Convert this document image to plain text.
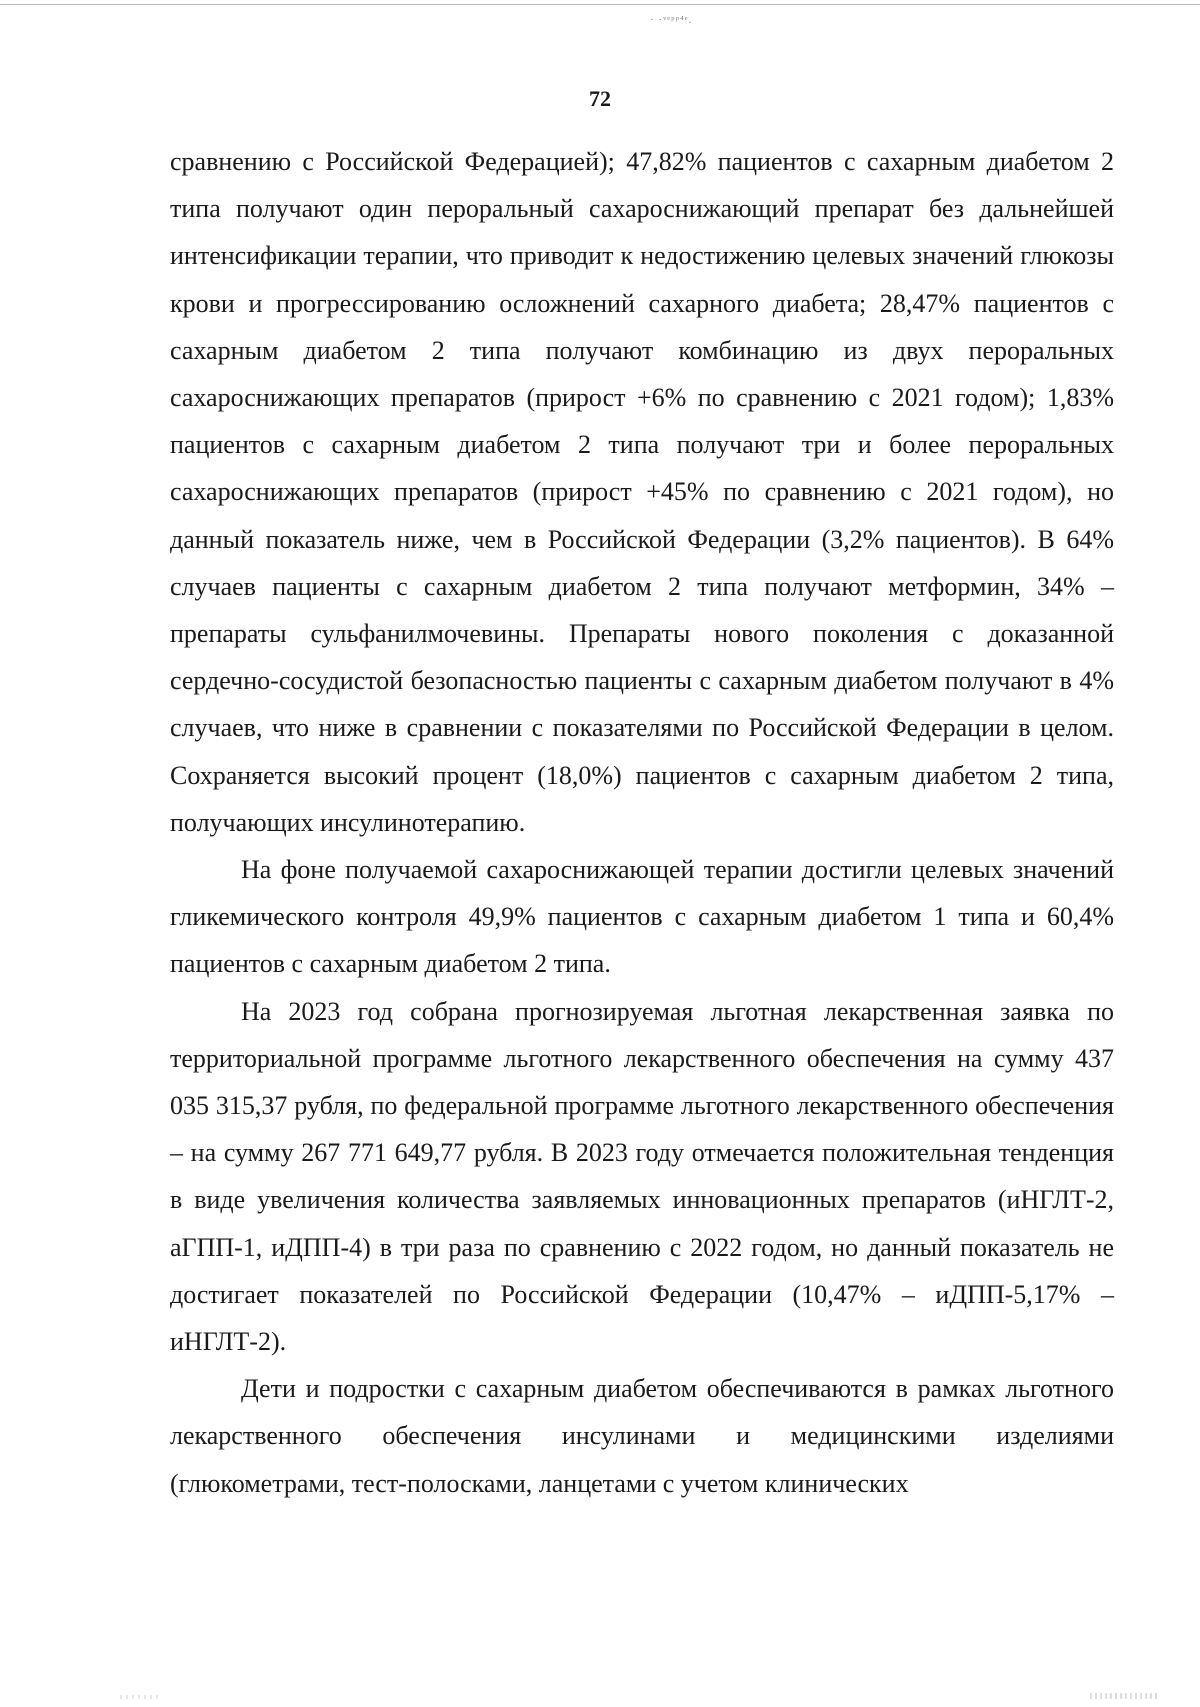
· ·ᵛᵉᵖᵖ⁴ᵉ.
72

сравнению с Российской Федерацией); 47,82% пациентов с сахарным диабетом 2 типа получают один пероральный сахароснижающий препарат без дальнейшей интенсификации терапии, что приводит к недостижению целевых значений глюкозы крови и прогрессированию осложнений сахарного диабета; 28,47% пациентов с сахарным диабетом 2 типа получают комбинацию из двух пероральных сахароснижающих препаратов (прирост +6% по сравнению с 2021 годом); 1,83% пациентов с сахарным диабетом 2 типа получают три и более пероральных сахароснижающих препаратов (прирост +45% по сравнению с 2021 годом), но данный показатель ниже, чем в Российской Федерации (3,2% пациентов). В 64% случаев пациенты с сахарным диабетом 2 типа получают метформин, 34% – препараты сульфанилмочевины. Препараты нового поколения с доказанной сердечно-сосудистой безопасностью пациенты с сахарным диабетом получают в 4% случаев, что ниже в сравнении с показателями по Российской Федерации в целом. Сохраняется высокий процент (18,0%) пациентов с сахарным диабетом 2 типа, получающих инсулинотерапию.

На фоне получаемой сахароснижающей терапии достигли целевых значений гликемического контроля 49,9% пациентов с сахарным диабетом 1 типа и 60,4% пациентов с сахарным диабетом 2 типа.

На 2023 год собрана прогнозируемая льготная лекарственная заявка по территориальной программе льготного лекарственного обеспечения на сумму 437 035 315,37 рубля, по федеральной программе льготного лекарственного обеспечения – на сумму 267 771 649,77 рубля. В 2023 году отмечается положительная тенденция в виде увеличения количества заявляемых инновационных препаратов (иНГЛТ-2, аГПП-1, иДПП-4) в три раза по сравнению с 2022 годом, но данный показатель не достигает показателей по Российской Федерации (10,47% – иДПП-5,17% – иНГЛТ-2).

Дети и подростки с сахарным диабетом обеспечиваются в рамках льготного лекарственного обеспечения инсулинами и медицинскими изделиями (глюкометрами, тест-полосками, ланцетами с учетом клинических
